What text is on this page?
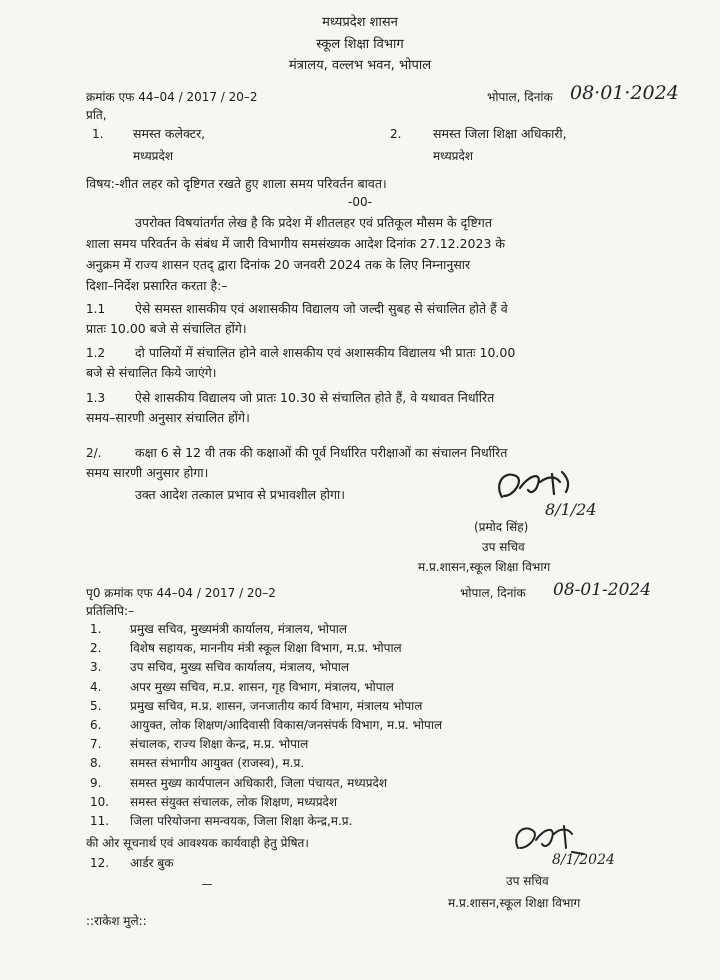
मध्यप्रदेश शासन
स्कूल शिक्षा विभाग
मंत्रालय, वल्लभ भवन, भोपाल
क्रमांक एफ 44–04 / 2017 / 20–2	भोपाल, दिनांक 08·01·2024
प्रति,
1. समस्त कलेक्टर,
मध्यप्रदेश
2.	समस्त जिला शिक्षा अधिकारी,
मध्यप्रदेश
विषय:-शीत लहर को दृष्टिगत रखते हुए शाला समय परिवर्तन बावत।
-00-
उपरोक्त विषयांतर्गत लेख है कि प्रदेश में शीतलहर एवं प्रतिकूल मौसम के दृष्टिगत
शाला समय परिवर्तन के संबंध में जारी विभागीय समसंख्यक आदेश दिनांक 27.12.2023 के
अनुक्रम में राज्य शासन एतद् द्वारा दिनांक 20 जनवरी 2024 तक के लिए निम्नानुसार
दिशा–निर्देश प्रसारित करता है:–
1.1 ऐसे समस्त शासकीय एवं अशासकीय विद्यालय जो जल्दी सुबह से संचालित होते हैं वे
प्रातः 10.00 बजे से संचालित होंगे।
1.2 दो पालियों में संचालित होने वाले शासकीय एवं अशासकीय विद्यालय भी प्रातः 10.00
बजे से संचालित किये जाएंगे।
1.3 ऐसे शासकीय विद्यालय जो प्रातः 10.30 से संचालित होते हैं, वे यथावत निर्धारित
समय–सारणी अनुसार संचालित होंगे।
2/.	कक्षा 6 से 12 वी तक की कक्षाओं की पूर्व निर्धारित परीक्षाओं का संचालन निर्धारित
समय सारणी अनुसार होगा।
उक्त आदेश तत्काल प्रभाव से प्रभावशील होगा।
8/1/24
(प्रमोद सिंह)
उप सचिव
म.प्र.शासन,स्कूल शिक्षा विभाग
पृ0 क्रमांक एफ 44–04 / 2017 / 20–2	भोपाल, दिनांक 08-01-2024
प्रतिलिपि:–
1. प्रमुख सचिव, मुख्यमंत्री कार्यालय, मंत्रालय, भोपाल
2. विशेष सहायक, माननीय मंत्री स्कूल शिक्षा विभाग, म.प्र. भोपाल
3. उप सचिव, मुख्य सचिव कार्यालय, मंत्रालय, भोपाल
4. अपर मुख्य सचिव, म.प्र. शासन, गृह विभाग, मंत्रालय, भोपाल
5. प्रमुख सचिव, म.प्र. शासन, जनजातीय कार्य विभाग, मंत्रालय भोपाल
6. आयुक्त, लोक शिक्षण/आदिवासी विकास/जनसंपर्क विभाग, म.प्र. भोपाल
7. संचालक, राज्य शिक्षा केन्द्र, म.प्र. भोपाल
8. समस्त संभागीय आयुक्त (राजस्व), म.प्र.
9. समस्त मुख्य कार्यपालन अधिकारी, जिला पंचायत, मध्यप्रदेश
10. समस्त संयुक्त संचालक, लोक शिक्षण, मध्यप्रदेश
11. जिला परियोजना समन्वयक, जिला शिक्षा केन्द्र,म.प्र.
की ओर सूचनार्थ एवं आवश्यक कार्यवाही हेतु प्रेषित।
12. आर्डर बुक	8/1/2024
उप सचिव
म.प्र.शासन,स्कूल शिक्षा विभाग
::राकेश मुले::
